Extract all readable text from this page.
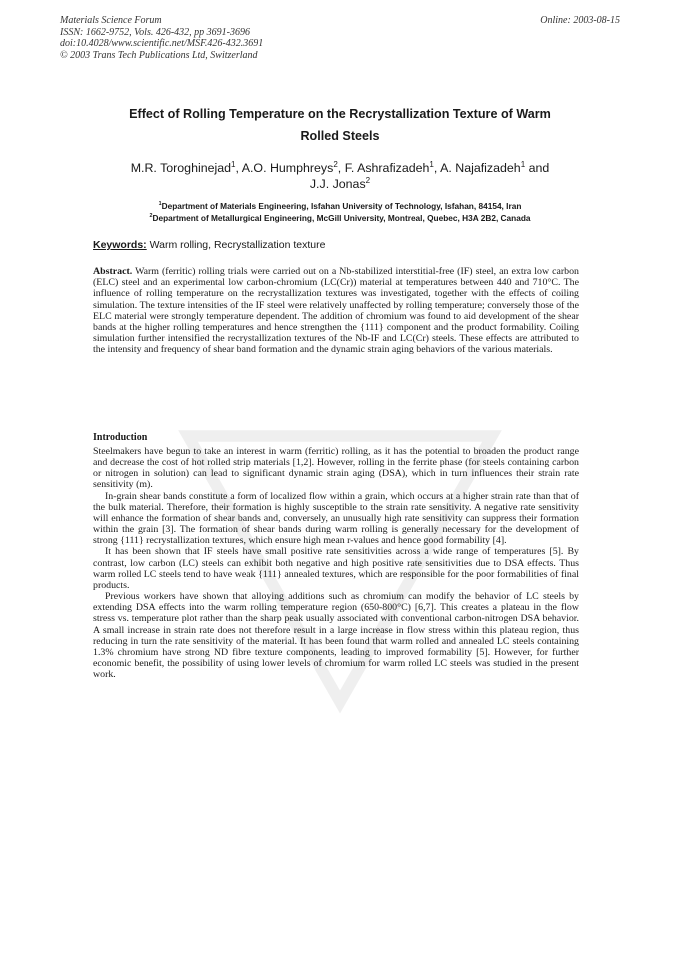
Materials Science Forum
ISSN: 1662-9752, Vols. 426-432, pp 3691-3696
doi:10.4028/www.scientific.net/MSF.426-432.3691
© 2003 Trans Tech Publications Ltd, Switzerland
Online: 2003-08-15
Effect of Rolling Temperature on the Recrystallization Texture of Warm
Rolled Steels
M.R. Toroghinejad$^1$, A.O. Humphreys$^2$, F. Ashrafizadeh$^1$, A. Najafizadeh$^1$ and
J.J. Jonas$^2$
$^1$Department of Materials Engineering, Isfahan University of Technology, Isfahan, 84154, Iran
$^2$Department of Metallurgical Engineering, McGill University, Montreal, Quebec, H3A 2B2, Canada
Keywords: Warm rolling, Recrystallization texture
Abstract. Warm (ferritic) rolling trials were carried out on a Nb-stabilized interstitial-free (IF) steel, an extra low carbon (ELC) steel and an experimental low carbon-chromium (LC(Cr)) material at temperatures between 440 and 710°C. The influence of rolling temperature on the recrystallization textures was investigated, together with the effects of coiling simulation. The texture intensities of the IF steel were relatively unaffected by rolling temperature; conversely those of the ELC material were strongly temperature dependent. The addition of chromium was found to aid development of the shear bands at the higher rolling temperatures and hence strengthen the {111} component and the product formability. Coiling simulation further intensified the recrystallization textures of the Nb-IF and LC(Cr) steels. These effects are attributed to the intensity and frequency of shear band formation and the dynamic strain aging behaviors of the various materials.
Introduction

Steelmakers have begun to take an interest in warm (ferritic) rolling, as it has the potential to broaden the product range and decrease the cost of hot rolled strip materials [1,2]. However, rolling in the ferrite phase (for steels containing carbon or nitrogen in solution) can lead to significant dynamic strain aging (DSA), which in turn influences their strain rate sensitivity (m).

In-grain shear bands constitute a form of localized flow within a grain, which occurs at a higher strain rate than that of the bulk material. Therefore, their formation is highly susceptible to the strain rate sensitivity. A negative rate sensitivity will enhance the formation of shear bands and, conversely, an unusually high rate sensitivity can suppress their formation within the grain [3]. The formation of shear bands during warm rolling is generally necessary for the development of strong {111} recrystallization textures, which ensure high mean r-values and hence good formability [4].

It has been shown that IF steels have small positive rate sensitivities across a wide range of temperatures [5]. By contrast, low carbon (LC) steels can exhibit both negative and high positive rate sensitivities due to DSA effects. Thus warm rolled LC steels tend to have weak {111} annealed textures, which are responsible for the poor formabilities of final products.

Previous workers have shown that alloying additions such as chromium can modify the behavior of LC steels by extending DSA effects into the warm rolling temperature region (650-800°C) [6,7]. This creates a plateau in the flow stress vs. temperature plot rather than the sharp peak usually associated with conventional carbon-nitrogen DSA behavior. A small increase in strain rate does not therefore result in a large increase in flow stress within this plateau region, thus reducing in turn the rate sensitivity of the material. It has been found that warm rolled and annealed LC steels containing 1.3% chromium have strong ND fibre texture components, leading to improved formability [5]. However, for further economic benefit, the possibility of using lower levels of chromium for warm rolled LC steels was studied in the present work.
